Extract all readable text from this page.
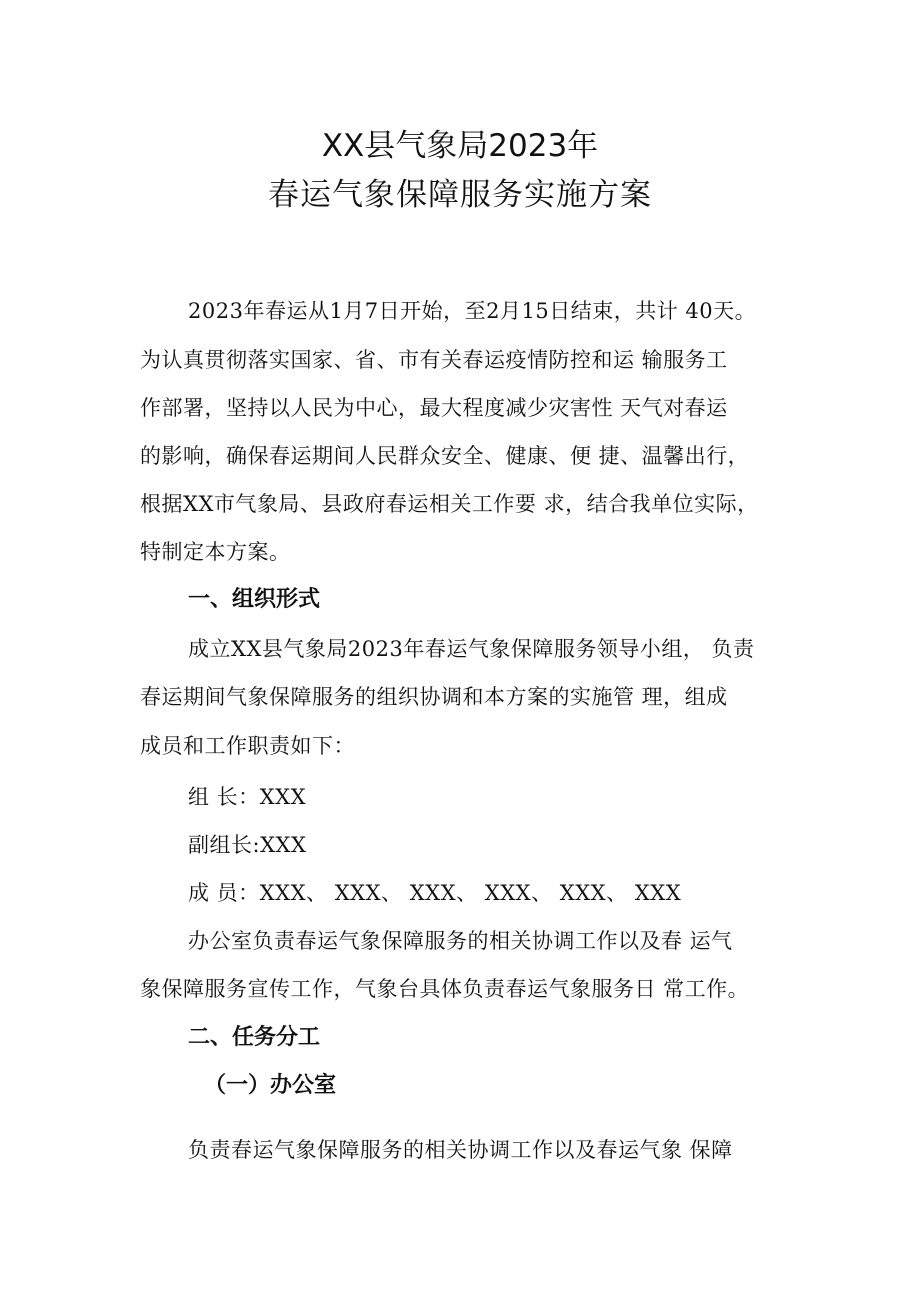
XX县气象局2023年
春运气象保障服务实施方案
2023年春运从1月7日开始，至2月15日结束，共计 40天。
为认真贯彻落实国家、省、市有关春运疫情防控和运 输服务工
作部署，坚持以人民为中心，最大程度减少灾害性 天气对春运
的影响，确保春运期间人民群众安全、健康、便 捷、温馨出行，
根据XX市气象局、县政府春运相关工作要 求，结合我单位实际，
特制定本方案。
一、组织形式
成立XX县气象局2023年春运气象保障服务领导小组， 负责
春运期间气象保障服务的组织协调和本方案的实施管 理，组成
成员和工作职责如下：
组 长：XXX
副组长:XXX
成 员：XXX、 XXX、 XXX、 XXX、 XXX、 XXX
办公室负责春运气象保障服务的相关协调工作以及春 运气
象保障服务宣传工作，气象台具体负责春运气象服务日 常工作。
二、任务分工
（一）办公室
负责春运气象保障服务的相关协调工作以及春运气象 保障
